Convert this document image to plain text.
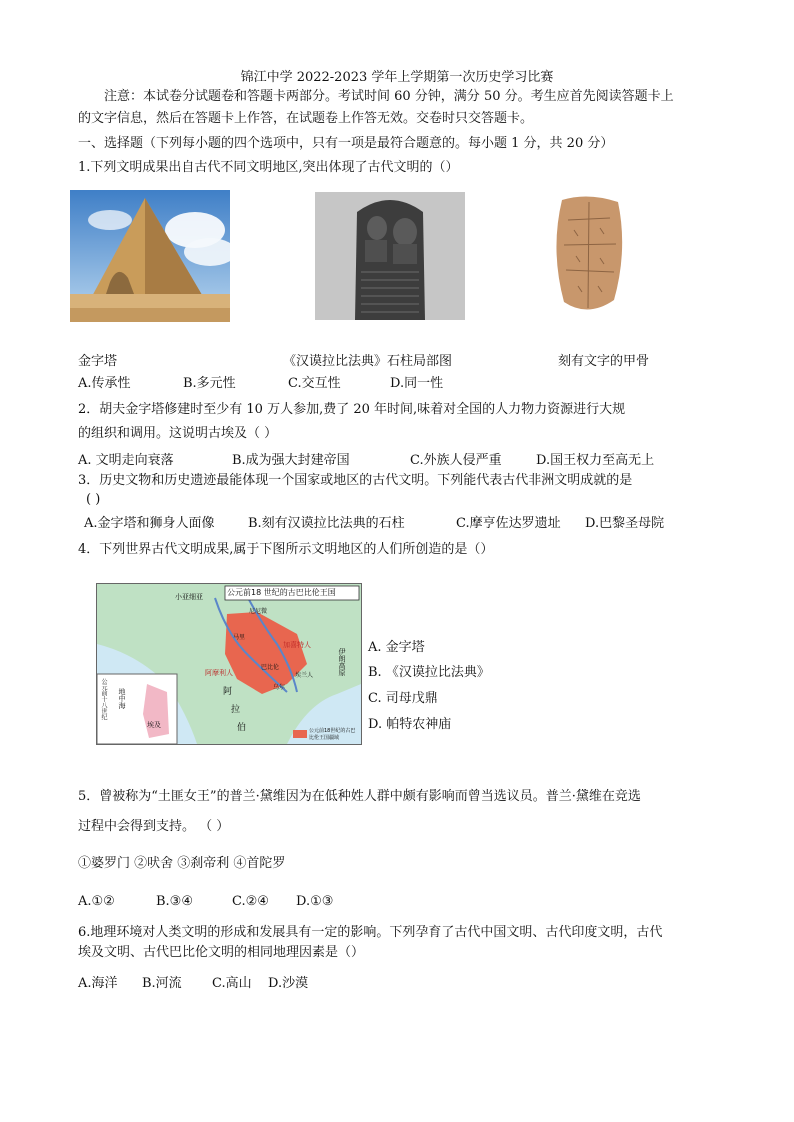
锦江中学 2022-2023 学年上学期第一次历史学习比赛
注意：本试卷分试题卷和答题卡两部分。考试时间 60 分钟，满分 50 分。考生应首先阅读答题卡上
的文字信息，然后在答题卡上作答，在试题卷上作答无效。交卷时只交答题卡。
一、选择题（下列每小题的四个选项中，只有一项是最符合题意的。每小题 1 分，共 20 分）
1.下列文明成果出自古代不同文明地区,突出体现了古代文明的（）
金字塔	《汉谟拉比法典》石柱局部图	刻有文字的甲骨
A.传承性	B.多元性	C.交互性	D.同一性
2．胡夫金字塔修建时至少有 10 万人参加,费了 20 年时间,味着对全国的人力物力资源进行大规
的组织和调用。这说明古埃及（ ）
A. 文明走向衰落	B.成为强大封建帝国	C.外族人侵严重	D.国王权力至高无上
3．历史文物和历史遗迹最能体现一个国家或地区的古代文明。下列能代表古代非洲文明成就的是
( )
A.金字塔和狮身人面像	B.刻有汉谟拉比法典的石柱	C.摩亨佐达罗遗址 D.巴黎圣母院
4．下列世界古代文明成果,属于下图所示文明地区的人们所创造的是（）
公元前18 世纪的古巴比伦王国
小亚细亚
加喜特人
阿摩利人	伊朗高原
阿
拉
伯
埃兰人
乌尔
巴比伦
马里
尼尼微
地中海
埃及
公元前十八世纪
公元前18世纪的古巴比伦王国疆域
A. 金字塔
B. 《汉谟拉比法典》
C. 司母戊鼎
D. 帕特农神庙
5．曾被称为“土匪女王”的普兰·黛维因为在低种姓人群中颇有影响而曾当选议员。普兰·黛维在竞选
过程中会得到支持。 （ ）
①婆罗门 ②吠舍 ③刹帝利 ④首陀罗
A.①②	B.③④	C.②④ D.①③
6.地理环境对人类文明的形成和发展具有一定的影响。下列孕育了古代中国文明、古代印度文明，古代
埃及文明、古代巴比伦文明的相同地理因素是（）
A.海洋 B.河流 C.高山 D.沙漠
